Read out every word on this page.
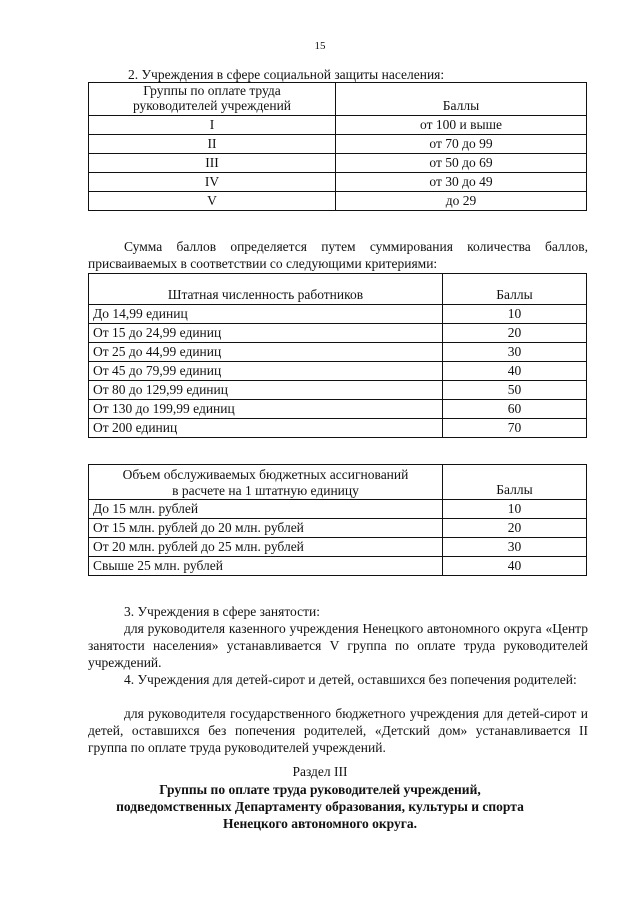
15
2. Учреждения в сфере социальной защиты населения:
Группы по оплате труда
руководителей учреждений	Баллы
I	от 100 и выше
II	от 70 до 99
III	от 50 до 69
IV	от 30 до 49
V	до 29
Сумма баллов определяется путем суммирования количества баллов, присваиваемых в соответствии со следующими критериями:
Штатная численность работников	Баллы
До 14,99 единиц	10
От 15 до 24,99 единиц	20
От 25 до 44,99 единиц	30
От 45 до 79,99 единиц	40
От 80 до 129,99 единиц	50
От 130 до 199,99 единиц	60
От 200 единиц	70
Объем обслуживаемых бюджетных ассигнований
в расчете на 1 штатную единицу	Баллы
До 15 млн. рублей	10
От 15 млн. рублей до 20 млн. рублей	20
От 20 млн. рублей до 25 млн. рублей	30
Свыше 25 млн. рублей	40
3. Учреждения в сфере занятости:
для руководителя казенного учреждения Ненецкого автономного округа «Центр занятости населения» устанавливается V группа по оплате труда руководителей учреждений.
4. Учреждения для детей-сирот и детей, оставшихся без попечения родителей:
для руководителя государственного бюджетного учреждения для детей-сирот и детей, оставшихся без попечения родителей, «Детский дом» устанавливается II группа по оплате труда руководителей учреждений.
Раздел III
Группы по оплате труда руководителей учреждений, подведомственных Департаменту образования, культуры и спорта Ненецкого автономного округа.
